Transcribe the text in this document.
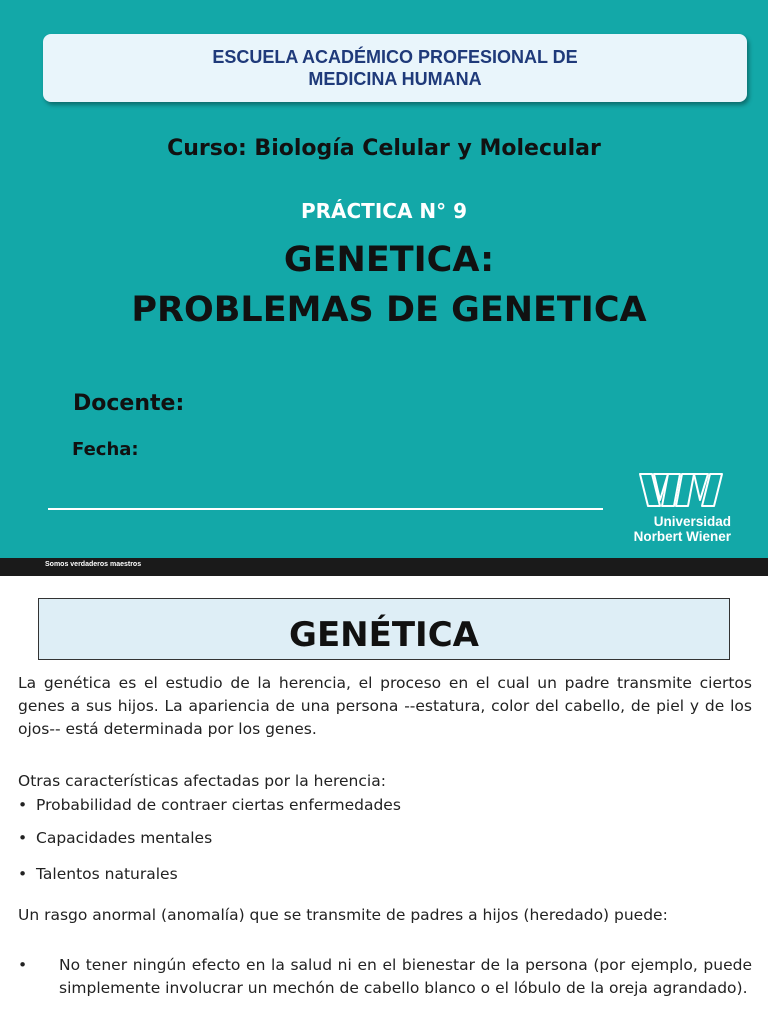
ESCUELA ACADÉMICO PROFESIONAL DE
MEDICINA HUMANA
Curso: Biología Celular y Molecular
PRÁCTICA N° 9
GENETICA:
PROBLEMAS DE GENETICA
Docente:
Fecha:
Universidad
Norbert Wiener
Somos verdaderos maestros
GENÉTICA
La genética es el estudio de la herencia, el proceso en el cual un padre transmite ciertos genes a sus hijos. La apariencia de una persona --estatura, color del cabello, de piel y de los ojos-- está determinada por los genes.
Otras características afectadas por la herencia:
• Probabilidad de contraer ciertas enfermedades
• Capacidades mentales
• Talentos naturales
Un rasgo anormal (anomalía) que se transmite de padres a hijos (heredado) puede:
• No tener ningún efecto en la salud ni en el bienestar de la persona (por ejemplo, puede simplemente involucrar un mechón de cabello blanco o el lóbulo de la oreja agrandado).
